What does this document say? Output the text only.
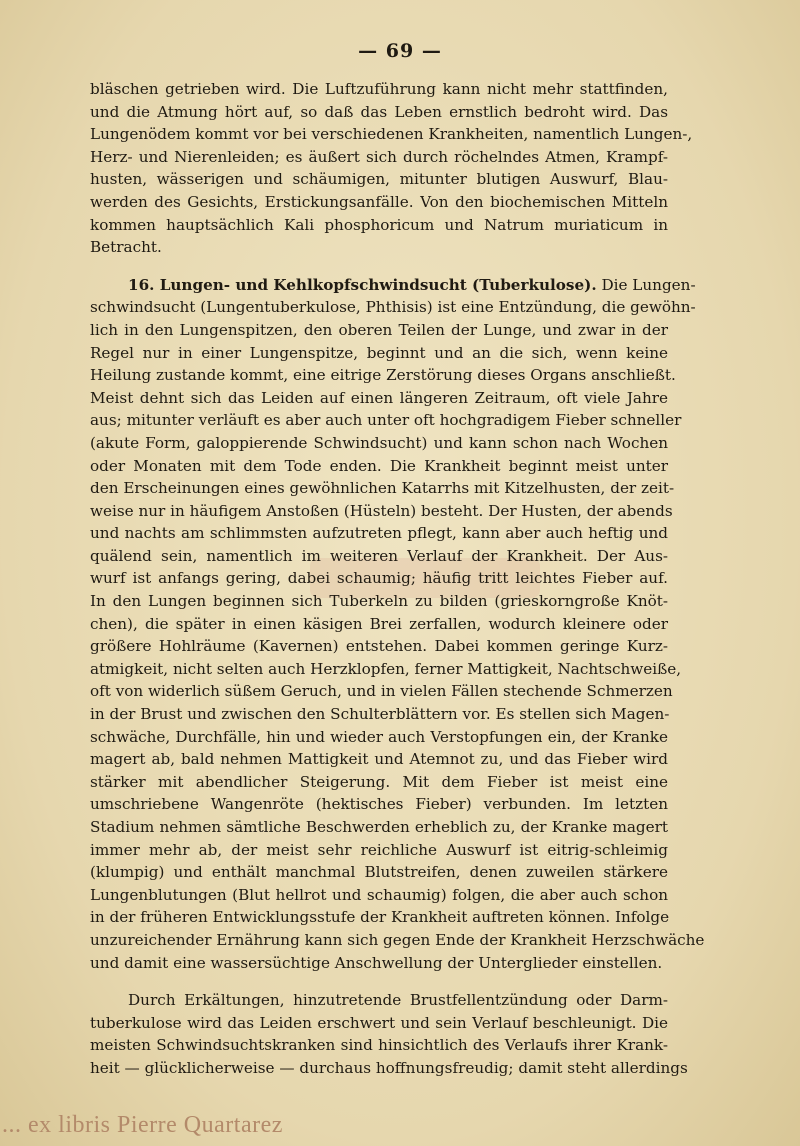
— 69 —
bläschen getrieben wird. Die Luftzuführung kann nicht mehr stattfinden,
und die Atmung hört auf, so daß das Leben ernstlich bedroht wird. Das
Lungenödem kommt vor bei verschiedenen Krankheiten, namentlich Lungen-,
Herz- und Nierenleiden; es äußert sich durch röchelndes Atmen, Krampf-
husten, wässerigen und schäumigen, mitunter blutigen Auswurf, Blau-
werden des Gesichts, Erstickungsanfälle. Von den biochemischen Mitteln
kommen hauptsächlich Kali phosphoricum und Natrum muriaticum in
Betracht.
16. Lungen- und Kehlkopfschwindsucht (Tuberkulose). Die Lungen-
schwindsucht (Lungentuberkulose, Phthisis) ist eine Entzündung, die gewöhn-
lich in den Lungenspitzen, den oberen Teilen der Lunge, und zwar in der
Regel nur in einer Lungenspitze, beginnt und an die sich, wenn keine
Heilung zustande kommt, eine eitrige Zerstörung dieses Organs anschließt.
Meist dehnt sich das Leiden auf einen längeren Zeitraum, oft viele Jahre
aus; mitunter verläuft es aber auch unter oft hochgradigem Fieber schneller
(akute Form, galoppierende Schwindsucht) und kann schon nach Wochen
oder Monaten mit dem Tode enden. Die Krankheit beginnt meist unter
den Erscheinungen eines gewöhnlichen Katarrhs mit Kitzelhusten, der zeit-
weise nur in häufigem Anstoßen (Hüsteln) besteht. Der Husten, der abends
und nachts am schlimmsten aufzutreten pflegt, kann aber auch heftig und
quälend sein, namentlich im weiteren Verlauf der Krankheit. Der Aus-
wurf ist anfangs gering, dabei schaumig; häufig tritt leichtes Fieber auf.
In den Lungen beginnen sich Tuberkeln zu bilden (grieskorngroße Knöt-
chen), die später in einen käsigen Brei zerfallen, wodurch kleinere oder
größere Hohlräume (Kavernen) entstehen. Dabei kommen geringe Kurz-
atmigkeit, nicht selten auch Herzklopfen, ferner Mattigkeit, Nachtschweiße,
oft von widerlich süßem Geruch, und in vielen Fällen stechende Schmerzen
in der Brust und zwischen den Schulterblättern vor. Es stellen sich Magen-
schwäche, Durchfälle, hin und wieder auch Verstopfungen ein, der Kranke
magert ab, bald nehmen Mattigkeit und Atemnot zu, und das Fieber wird
stärker mit abendlicher Steigerung. Mit dem Fieber ist meist eine
umschriebene Wangenröte (hektisches Fieber) verbunden. Im letzten
Stadium nehmen sämtliche Beschwerden erheblich zu, der Kranke magert
immer mehr ab, der meist sehr reichliche Auswurf ist eitrig-schleimig
(klumpig) und enthält manchmal Blutstreifen, denen zuweilen stärkere
Lungenblutungen (Blut hellrot und schaumig) folgen, die aber auch schon
in der früheren Entwicklungsstufe der Krankheit auftreten können. Infolge
unzureichender Ernährung kann sich gegen Ende der Krankheit Herzschwäche
und damit eine wassersüchtige Anschwellung der Unterglieder einstellen.
Durch Erkältungen, hinzutretende Brustfellentzündung oder Darm-
tuberkulose wird das Leiden erschwert und sein Verlauf beschleunigt. Die
meisten Schwindsuchtskranken sind hinsichtlich des Verlaufs ihrer Krank-
heit — glücklicherweise — durchaus hoffnungsfreudig; damit steht allerdings
... ex libris Pierre Quartarez
